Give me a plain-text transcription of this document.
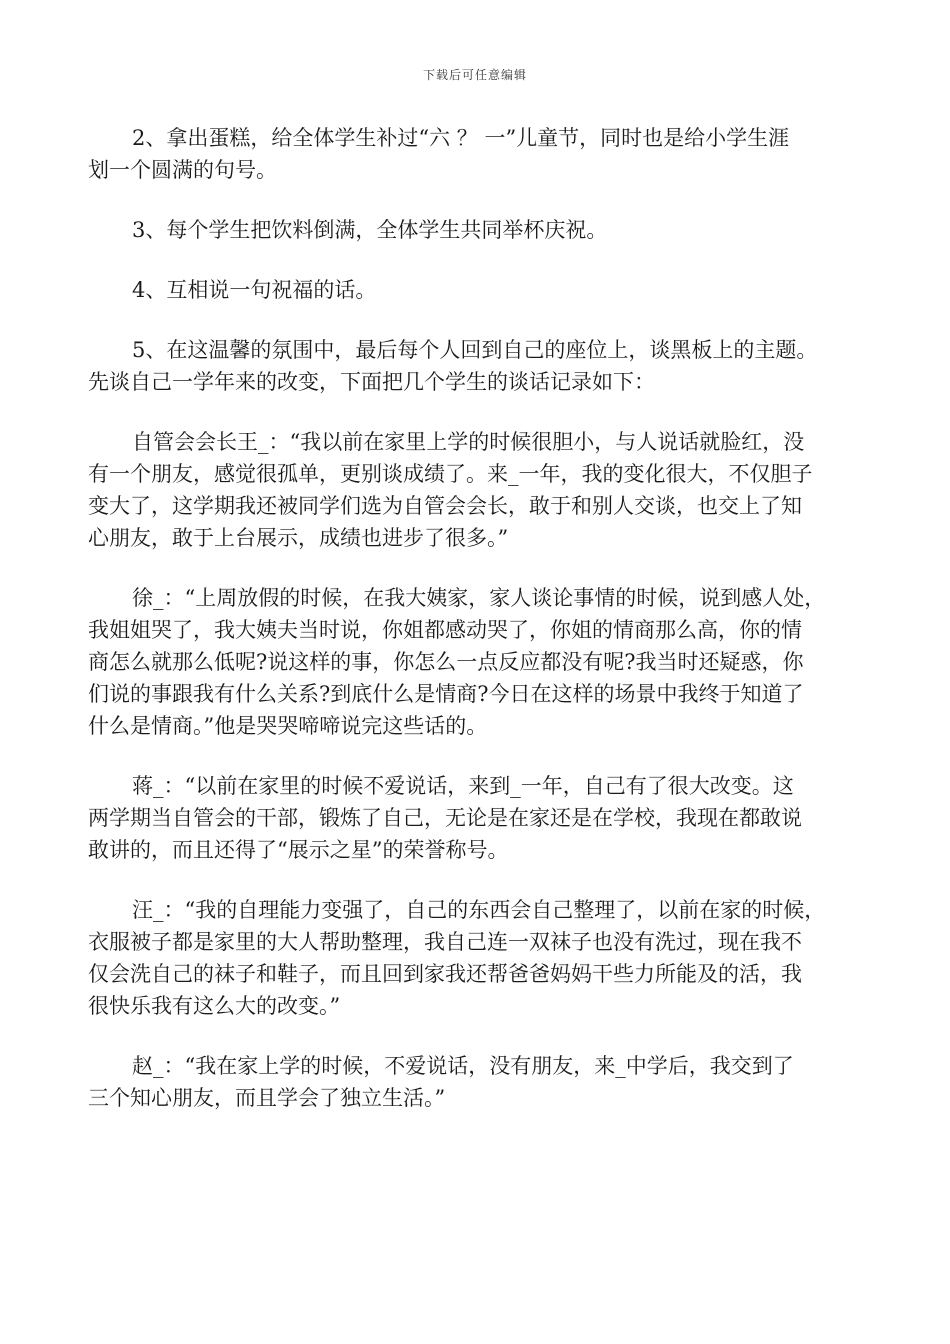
下载后可任意编辑
2、拿出蛋糕，给全体学生补过“六 ？ 一”儿童节，同时也是给小学生涯
划一个圆满的句号。
3、每个学生把饮料倒满，全体学生共同举杯庆祝。
4、互相说一句祝福的话。
5、在这温馨的氛围中，最后每个人回到自己的座位上，谈黑板上的主题。
先谈自己一学年来的改变，下面把几个学生的谈话记录如下：
自管会会长王_：“我以前在家里上学的时候很胆小，与人说话就脸红，没
有一个朋友，感觉很孤单，更别谈成绩了。来_一年，我的变化很大，不仅胆子
变大了，这学期我还被同学们选为自管会会长，敢于和别人交谈，也交上了知
心朋友，敢于上台展示，成绩也进步了很多。”
徐_：“上周放假的时候，在我大姨家，家人谈论事情的时候，说到感人处，
我姐姐哭了，我大姨夫当时说，你姐都感动哭了，你姐的情商那么高，你的情
商怎么就那么低呢?说这样的事，你怎么一点反应都没有呢?我当时还疑惑，你
们说的事跟我有什么关系?到底什么是情商?今日在这样的场景中我终于知道了
什么是情商。”他是哭哭啼啼说完这些话的。
蒋_：“以前在家里的时候不爱说话，来到_一年，自己有了很大改变。这
两学期当自管会的干部，锻炼了自己，无论是在家还是在学校，我现在都敢说
敢讲的，而且还得了“展示之星”的荣誉称号。
汪_：“我的自理能力变强了，自己的东西会自己整理了，以前在家的时候，
衣服被子都是家里的大人帮助整理，我自己连一双袜子也没有洗过，现在我不
仅会洗自己的袜子和鞋子，而且回到家我还帮爸爸妈妈干些力所能及的活，我
很快乐我有这么大的改变。”
赵_：“我在家上学的时候，不爱说话，没有朋友，来_中学后，我交到了
三个知心朋友，而且学会了独立生活。”
